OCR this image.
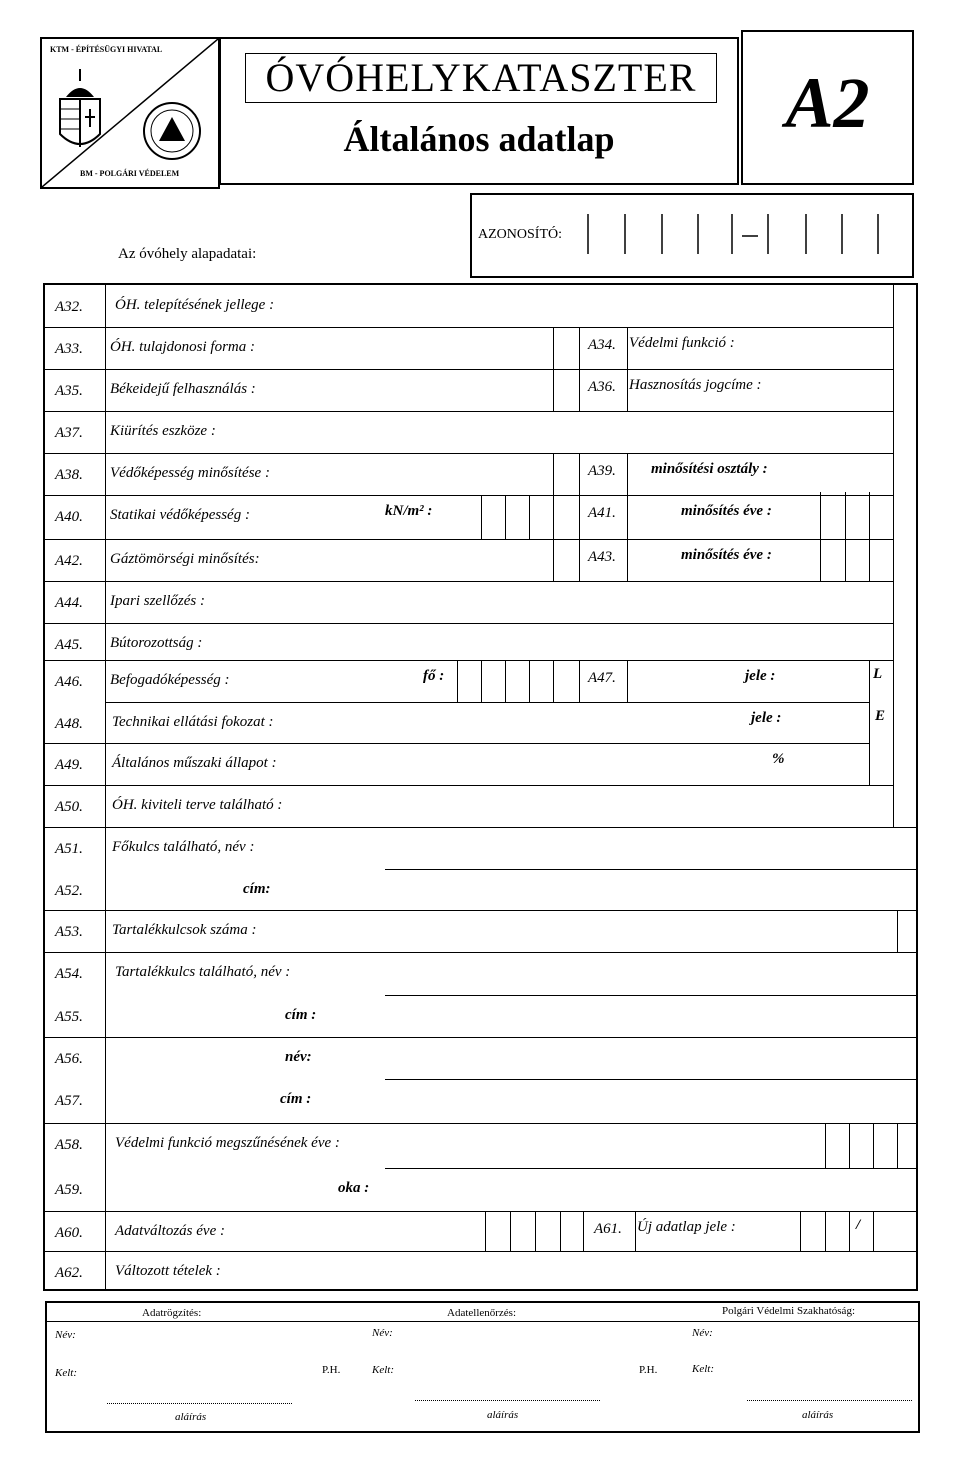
KTM - ÉPÍTÉSÜGYI HIVATAL
BM - POLGÁRI VÉDELEM
ÓVÓHELYKATASZTER
Általános adatlap	A2
AZONOSÍTÓ:
Az óvóhely alapadatai:
A32. ÓH. telepítésének jellege :
A33. ÓH. tulajdonosi forma :	A34. Védelmi funkció :
A35. Békeidejű felhasználás :	A36. Hasznosítás jogcíme :
A37. Kiürítés eszköze :
A38. Védőképesség minősítése :	A39. minősítési osztály :
A40. Statikai védőképesség :	kN/m² :	A41.	minősítés éve :
A42. Gáztömörségi minősítés:	A43.	minősítés éve :
A44. Ipari szellőzés :
A45. Bútorozottság :
A46. Befogadóképesség :	fő :	A47.	jele :	L
A48. Technikai ellátási fokozat :	jele :	E
A49. Általános műszaki állapot :	%
A50. ÓH. kiviteli terve található :
A51. Főkulcs található, név :
A52.	cím:
A53. Tartalékkulcsok száma :
A54. Tartalékkulcs található, név :
A55.	cím :
A56.	név:
A57.	cím :
A58. Védelmi funkció megszűnésének éve :
A59.	oka :
A60. Adatváltozás éve :	A61. Új adatlap jele :	/
A62. Változott tételek :
Adatrögzítés:	Adatellenőrzés:	Polgári Védelmi Szakhatóság:
Név:	Név:	Név:
Kelt:	P.H.	Kelt:	P.H.	Kelt:
aláírás	aláírás	aláírás
